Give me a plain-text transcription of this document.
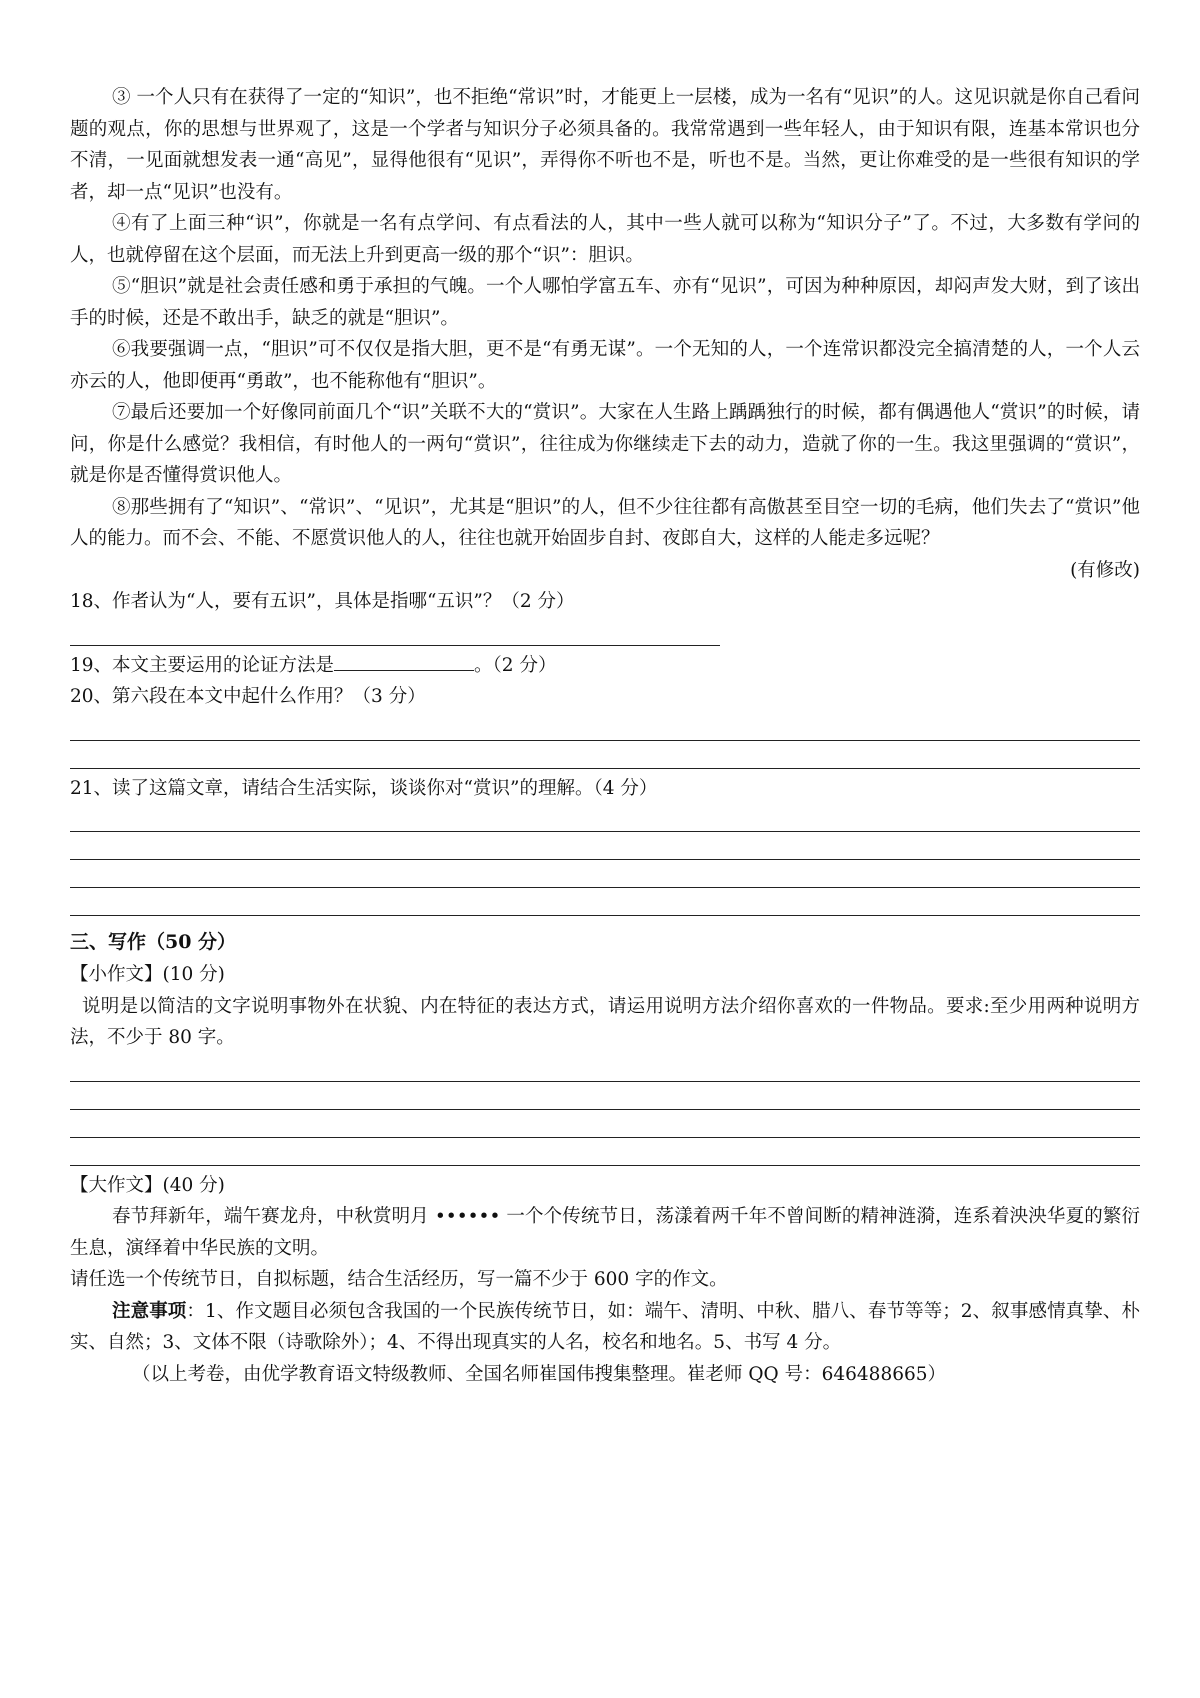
③ 一个人只有在获得了一定的“知识”，也不拒绝“常识”时，才能更上一层楼，成为一名有“见识”的人。这见识就是你自己看问题的观点，你的思想与世界观了，这是一个学者与知识分子必须具备的。我常常遇到一些年轻人，由于知识有限，连基本常识也分不清，一见面就想发表一通“高见”，显得他很有“见识”，弄得你不听也不是，听也不是。当然，更让你难受的是一些很有知识的学者，却一点“见识”也没有。

④有了上面三种“识”，你就是一名有点学问、有点看法的人，其中一些人就可以称为“知识分子”了。不过，大多数有学问的人，也就停留在这个层面，而无法上升到更高一级的那个“识”：胆识。

⑤“胆识”就是社会责任感和勇于承担的气魄。一个人哪怕学富五车、亦有“见识”，可因为种种原因，却闷声发大财，到了该出手的时候，还是不敢出手，缺乏的就是“胆识”。

⑥我要强调一点，“胆识”可不仅仅是指大胆，更不是“有勇无谋”。一个无知的人，一个连常识都没完全搞清楚的人，一个人云亦云的人，他即便再“勇敢”，也不能称他有“胆识”。

⑦最后还要加一个好像同前面几个“识”关联不大的“赏识”。大家在人生路上踽踽独行的时候，都有偶遇他人“赏识”的时候，请问，你是什么感觉？我相信，有时他人的一两句“赏识”，往往成为你继续走下去的动力，造就了你的一生。我这里强调的“赏识”，就是你是否懂得赏识他人。

⑧那些拥有了“知识”、“常识”、“见识”，尤其是“胆识”的人，但不少往往都有高傲甚至目空一切的毛病，他们失去了“赏识”他人的能力。而不会、不能、不愿赏识他人的人，往往也就开始固步自封、夜郎自大，这样的人能走多远呢？

(有修改)

18、作者认为“人，要有五识”，具体是指哪“五识”？（2 分）

19、本文主要运用的论证方法是	。（2 分）

20、第六段在本文中起什么作用？（3 分）

21、读了这篇文章，请结合生活实际，谈谈你对“赏识”的理解。（4 分）

三、写作（50 分）

【小作文】(10 分)

说明是以简洁的文字说明事物外在状貌、内在特征的表达方式，请运用说明方法介绍你喜欢的一件物品。要求:至少用两种说明方法，不少于 80 字。

【大作文】(40 分)

春节拜新年，端午赛龙舟，中秋赏明月 •••••• 一个个传统节日，荡漾着两千年不曾间断的精神涟漪，连系着泱泱华夏的繁衍生息，演绎着中华民族的文明。

请任选一个传统节日，自拟标题，结合生活经历，写一篇不少于 600 字的作文。

注意事项：1、作文题目必须包含我国的一个民族传统节日，如：端午、清明、中秋、腊八、春节等等；2、叙事感情真挚、朴实、自然；3、文体不限（诗歌除外）；4、不得出现真实的人名，校名和地名。5、书写 4 分。

（以上考卷，由优学教育语文特级教师、全国名师崔国伟搜集整理。崔老师 QQ 号：646488665）
